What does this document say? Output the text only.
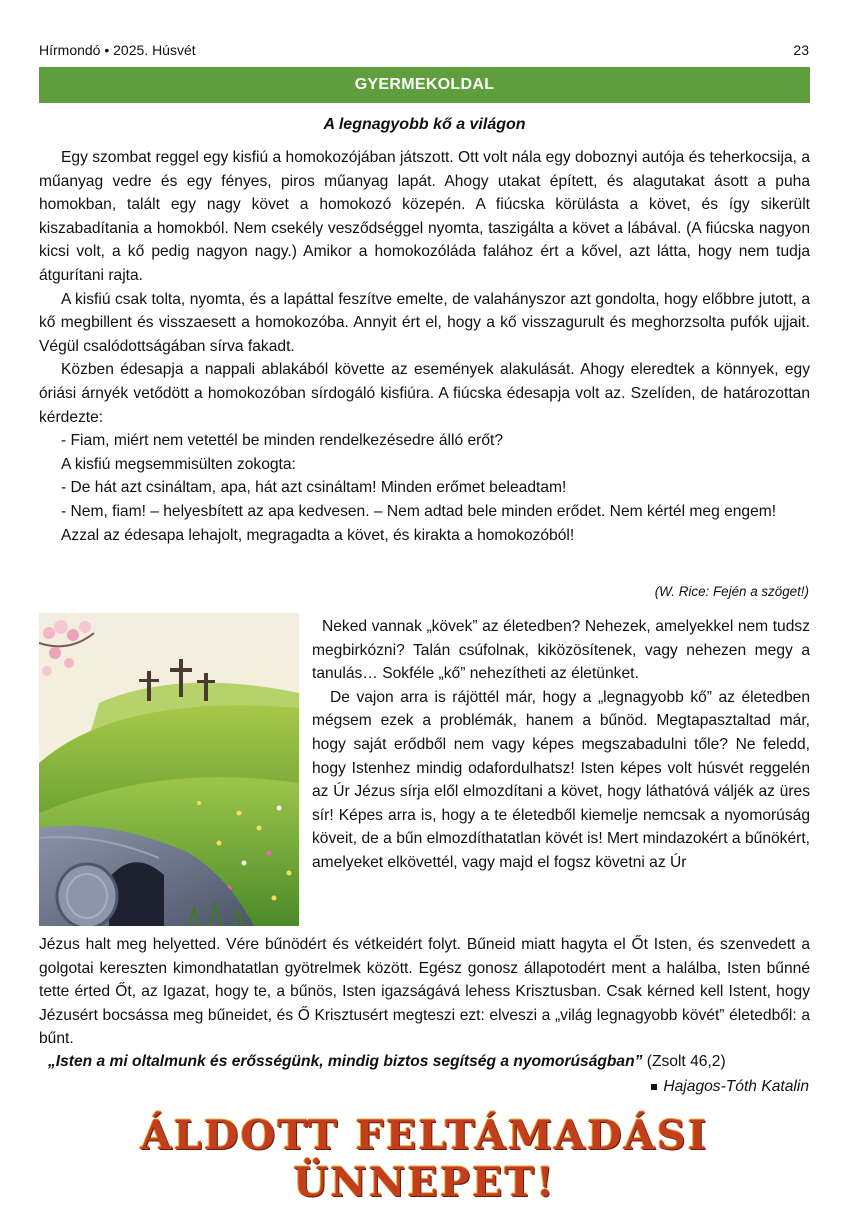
Hírmondó • 2025. Húsvét	23
GYERMEKOLDAL
A legnagyobb kő a világon

Egy szombat reggel egy kisfiú a homokozójában játszott. Ott volt nála egy doboznyi autója és teherkocsija, a műanyag vedre és egy fényes, piros műanyag lapát. Ahogy utakat épített, és alagutakat ásott a puha homokban, talált egy nagy követ a homokozó közepén. A fiúcska körülásta a követ, és így sikerült kiszabadítania a homokból. Nem csekély vesződséggel nyomta, taszigálta a követ a lábával. (A fiúcska nagyon kicsi volt, a kő pedig nagyon nagy.) Amikor a homokozóláda falához ért a kővel, azt látta, hogy nem tudja átgurítani rajta.

A kisfiú csak tolta, nyomta, és a lapáttal feszítve emelte, de valahányszor azt gondolta, hogy előbbre jutott, a kő megbillent és visszaesett a homokozóba. Annyit ért el, hogy a kő visszagurult és meghorzsolta pufók ujjait. Végül csalódottságában sírva fakadt.

Közben édesapja a nappali ablakából követte az események alakulását. Ahogy eleredtek a könnyek, egy óriási árnyék vetődött a homokozóban sírdogáló kisfiúra. A fiúcska édesapja volt az. Szelíden, de határozottan kérdezte:

- Fiam, miért nem vetettél be minden rendelkezésedre álló erőt?

A kisfiú megsemmisülten zokogta:

- De hát azt csináltam, apa, hát azt csináltam! Minden erőmet beleadtam!

- Nem, fiam! – helyesbített az apa kedvesen. – Nem adtad bele minden erődet. Nem kértél meg engem!

Azzal az édesapa lehajolt, megragadta a követ, és kirakta a homokozóból!

(W. Rice: Fején a szöget!)

Neked vannak „kövek” az életedben? Nehezek, amelyekkel nem tudsz megbirkózni? Talán csúfolnak, kiközösítenek, vagy nehezen megy a tanulás… Sokféle „kő” nehezítheti az életünket.

De vajon arra is rájöttél már, hogy a „legnagyobb kő” az életedben mégsem ezek a problémák, hanem a bűnöd. Megtapasztaltad már, hogy saját erődből nem vagy képes megszabadulni tőle? Ne feledd, hogy Istenhez mindig odafordulhatsz! Isten képes volt húsvét reggelén az Úr Jézus sírja elől elmozdítani a követ, hogy láthatóvá váljék az üres sír! Képes arra is, hogy a te életedből kiemelje nemcsak a nyomorúság köveit, de a bűn elmozdíthatatlan kövét is! Mert mindazokért a bűnökért, amelyeket elkövettél, vagy majd el fogsz követni az Úr

Jézus halt meg helyetted. Vére bűnödért és vétkeidért folyt. Bűneid miatt hagyta el Őt Isten, és szenvedett a golgotai kereszten kimondhatatlan gyötrelmek között. Egész gonosz állapotodért ment a halálba, Isten bűnné tette érted Őt, az Igazat, hogy te, a bűnös, Isten igazságává lehess Krisztusban. Csak kérned kell Istent, hogy Jézusért bocsássa meg bűneidet, és Ő Krisztusért megteszi ezt: elveszi a „világ legnagyobb kövét” életedből: a bűnt.

„Isten a mi oltalmunk és erősségünk, mindig biztos segítség a nyomorúságban” (Zsolt 46,2)
Hajagos-Tóth Katalin
ÁLDOTT FELTÁMADÁSI ÜNNEPET!
